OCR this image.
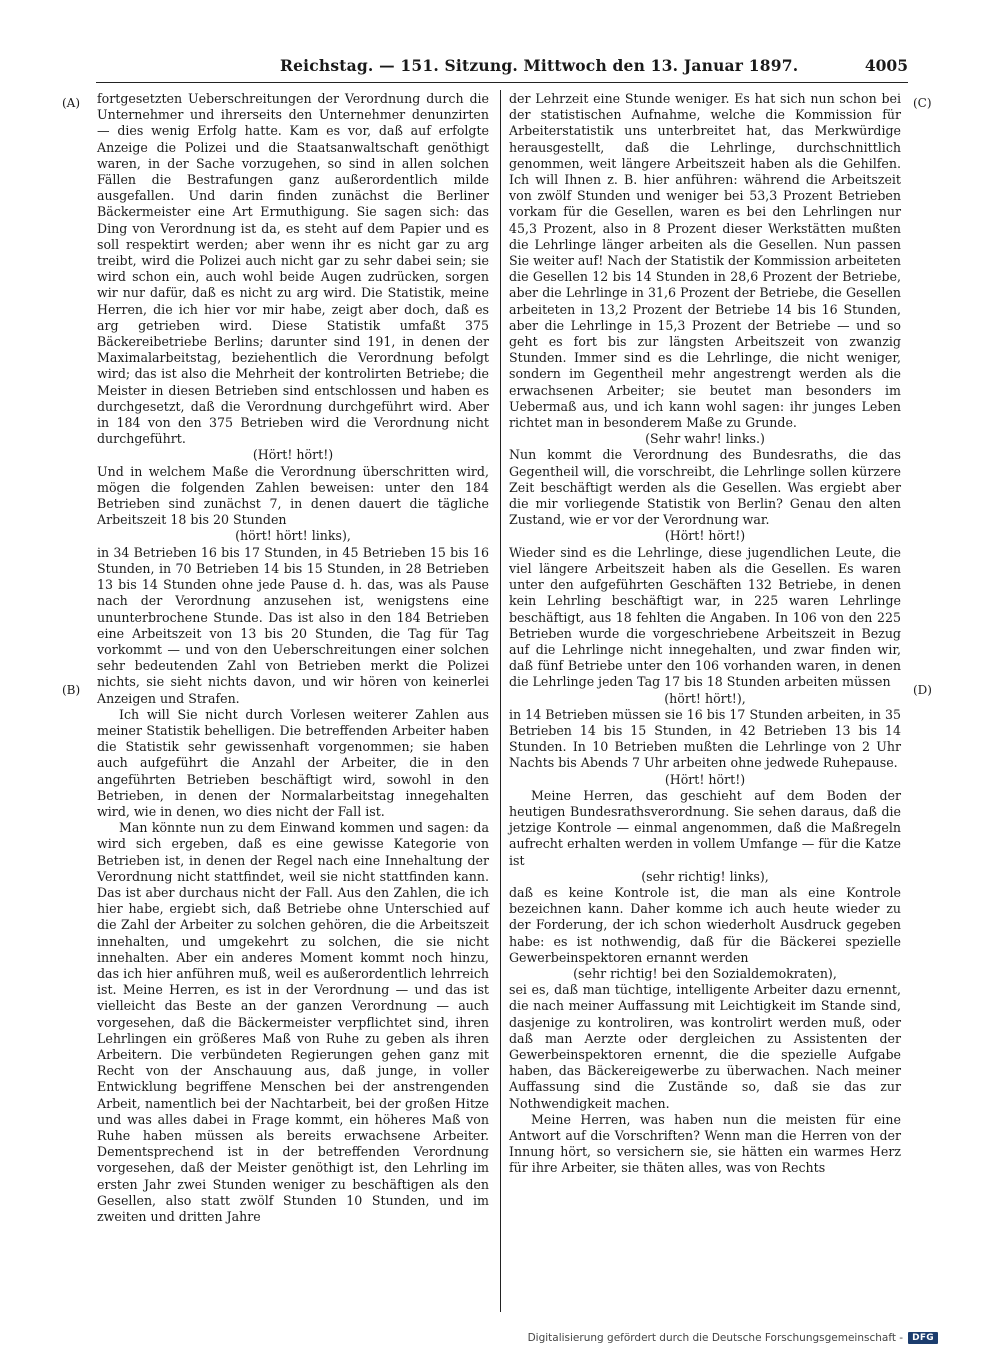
Reichstag. — 151. Sitzung. Mittwoch den 13. Januar 1897.	4005
(A)
(B)
(C)
(D)

fortgesetzten Ueberschreitungen der Verordnung durch die Unternehmer und ihrerseits den Unternehmer denunzirten — dies wenig Erfolg hatte. Kam es vor, daß auf erfolgte Anzeige die Polizei und die Staatsanwaltschaft genöthigt waren, in der Sache vorzugehen, so sind in allen solchen Fällen die Bestrafungen ganz außerordentlich milde ausgefallen. Und darin finden zunächst die Berliner Bäckermeister eine Art Ermuthigung. Sie sagen sich: das Ding von Verordnung ist da, es steht auf dem Papier und es soll respektirt werden; aber wenn ihr es nicht gar zu arg treibt, wird die Polizei auch nicht gar zu sehr dabei sein; sie wird schon ein, auch wohl beide Augen zudrücken, sorgen wir nur dafür, daß es nicht zu arg wird. Die Statistik, meine Herren, die ich hier vor mir habe, zeigt aber doch, daß es arg getrieben wird. Diese Statistik umfaßt 375 Bäckereibetriebe Berlins; darunter sind 191, in denen der Maximalarbeitstag, beziehentlich die Verordnung befolgt wird; das ist also die Mehrheit der kontrolirten Betriebe; die Meister in diesen Betrieben sind entschlossen und haben es durchgesetzt, daß die Verordnung durchgeführt wird. Aber in 184 von den 375 Betrieben wird die Verordnung nicht durchgeführt.

(Hört! hört!)

Und in welchem Maße die Verordnung überschritten wird, mögen die folgenden Zahlen beweisen: unter den 184 Betrieben sind zunächst 7, in denen dauert die tägliche Arbeitszeit 18 bis 20 Stunden

(hört! hört! links),

in 34 Betrieben 16 bis 17 Stunden, in 45 Betrieben 15 bis 16 Stunden, in 70 Betrieben 14 bis 15 Stunden, in 28 Betrieben 13 bis 14 Stunden ohne jede Pause d. h. das, was als Pause nach der Verordnung anzusehen ist, wenigstens eine ununterbrochene Stunde. Das ist also in den 184 Betrieben eine Arbeitszeit von 13 bis 20 Stunden, die Tag für Tag vorkommt — und von den Ueberschreitungen einer solchen sehr bedeutenden Zahl von Betrieben merkt die Polizei nichts, sie sieht nichts davon, und wir hören von keinerlei Anzeigen und Strafen.

Ich will Sie nicht durch Vorlesen weiterer Zahlen aus meiner Statistik behelligen. Die betreffenden Arbeiter haben die Statistik sehr gewissenhaft vorgenommen; sie haben auch aufgeführt die Anzahl der Arbeiter, die in den angeführten Betrieben beschäftigt wird, sowohl in den Betrieben, in denen der Normalarbeitstag innegehalten wird, wie in denen, wo dies nicht der Fall ist.

Man könnte nun zu dem Einwand kommen und sagen: da wird sich ergeben, daß es eine gewisse Kategorie von Betrieben ist, in denen der Regel nach eine Innehaltung der Verordnung nicht stattfindet, weil sie nicht stattfinden kann. Das ist aber durchaus nicht der Fall. Aus den Zahlen, die ich hier habe, ergiebt sich, daß Betriebe ohne Unterschied auf die Zahl der Arbeiter zu solchen gehören, die die Arbeitszeit innehalten, und umgekehrt zu solchen, die sie nicht innehalten. Aber ein anderes Moment kommt noch hinzu, das ich hier anführen muß, weil es außerordentlich lehrreich ist. Meine Herren, es ist in der Verordnung — und das ist vielleicht das Beste an der ganzen Verordnung — auch vorgesehen, daß die Bäckermeister verpflichtet sind, ihren Lehrlingen ein größeres Maß von Ruhe zu geben als ihren Arbeitern. Die verbündeten Regierungen gehen ganz mit Recht von der Anschauung aus, daß junge, in voller Entwicklung begriffene Menschen bei der anstrengenden Arbeit, namentlich bei der Nachtarbeit, bei der großen Hitze und was alles dabei in Frage kommt, ein höheres Maß von Ruhe haben müssen als bereits erwachsene Arbeiter. Dementsprechend ist in der betreffenden Verordnung vorgesehen, daß der Meister genöthigt ist, den Lehrling im ersten Jahr zwei Stunden weniger zu beschäftigen als den Gesellen, also statt zwölf Stunden 10 Stunden, und im zweiten und dritten Jahre

der Lehrzeit eine Stunde weniger. Es hat sich nun schon bei der statistischen Aufnahme, welche die Kommission für Arbeiterstatistik uns unterbreitet hat, das Merkwürdige herausgestellt, daß die Lehrlinge, durchschnittlich genommen, weit längere Arbeitszeit haben als die Gehilfen. Ich will Ihnen z. B. hier anführen: während die Arbeitszeit von zwölf Stunden und weniger bei 53,3 Prozent Betrieben vorkam für die Gesellen, waren es bei den Lehrlingen nur 45,3 Prozent, also in 8 Prozent dieser Werkstätten mußten die Lehrlinge länger arbeiten als die Gesellen. Nun passen Sie weiter auf! Nach der Statistik der Kommission arbeiteten die Gesellen 12 bis 14 Stunden in 28,6 Prozent der Betriebe, aber die Lehrlinge in 31,6 Prozent der Betriebe, die Gesellen arbeiteten in 13,2 Prozent der Betriebe 14 bis 16 Stunden, aber die Lehrlinge in 15,3 Prozent der Betriebe — und so geht es fort bis zur längsten Arbeitszeit von zwanzig Stunden. Immer sind es die Lehrlinge, die nicht weniger, sondern im Gegentheil mehr angestrengt werden als die erwachsenen Arbeiter; sie beutet man besonders im Uebermaß aus, und ich kann wohl sagen: ihr junges Leben richtet man in besonderem Maße zu Grunde.

(Sehr wahr! links.)

Nun kommt die Verordnung des Bundesraths, die das Gegentheil will, die vorschreibt, die Lehrlinge sollen kürzere Zeit beschäftigt werden als die Gesellen. Was ergiebt aber die mir vorliegende Statistik von Berlin? Genau den alten Zustand, wie er vor der Verordnung war.

(Hört! hört!)

Wieder sind es die Lehrlinge, diese jugendlichen Leute, die viel längere Arbeitszeit haben als die Gesellen. Es waren unter den aufgeführten Geschäften 132 Betriebe, in denen kein Lehrling beschäftigt war, in 225 waren Lehrlinge beschäftigt, aus 18 fehlten die Angaben. In 106 von den 225 Betrieben wurde die vorgeschriebene Arbeitszeit in Bezug auf die Lehrlinge nicht innegehalten, und zwar finden wir, daß fünf Betriebe unter den 106 vorhanden waren, in denen die Lehrlinge jeden Tag 17 bis 18 Stunden arbeiten müssen

(hört! hört!),

in 14 Betrieben müssen sie 16 bis 17 Stunden arbeiten, in 35 Betrieben 14 bis 15 Stunden, in 42 Betrieben 13 bis 14 Stunden. In 10 Betrieben mußten die Lehrlinge von 2 Uhr Nachts bis Abends 7 Uhr arbeiten ohne jedwede Ruhepause.

(Hört! hört!)

Meine Herren, das geschieht auf dem Boden der heutigen Bundesrathsverordnung. Sie sehen daraus, daß die jetzige Kontrole — einmal angenommen, daß die Maßregeln aufrecht erhalten werden in vollem Umfange — für die Katze ist

(sehr richtig! links),

daß es keine Kontrole ist, die man als eine Kontrole bezeichnen kann. Daher komme ich auch heute wieder zu der Forderung, der ich schon wiederholt Ausdruck gegeben habe: es ist nothwendig, daß für die Bäckerei spezielle Gewerbeinspektoren ernannt werden

(sehr richtig! bei den Sozialdemokraten),

sei es, daß man tüchtige, intelligente Arbeiter dazu ernennt, die nach meiner Auffassung mit Leichtigkeit im Stande sind, dasjenige zu kontroliren, was kontrolirt werden muß, oder daß man Aerzte oder dergleichen zu Assistenten der Gewerbeinspektoren ernennt, die die spezielle Aufgabe haben, das Bäckereigewerbe zu überwachen. Nach meiner Auffassung sind die Zustände so, daß sie das zur Nothwendigkeit machen.

Meine Herren, was haben nun die meisten für eine Antwort auf die Vorschriften? Wenn man die Herren von der Innung hört, so versichern sie, sie hätten ein warmes Herz für ihre Arbeiter, sie thäten alles, was von Rechts

Digitalisierung gefördert durch die Deutsche Forschungsgemeinschaft -	DFG
